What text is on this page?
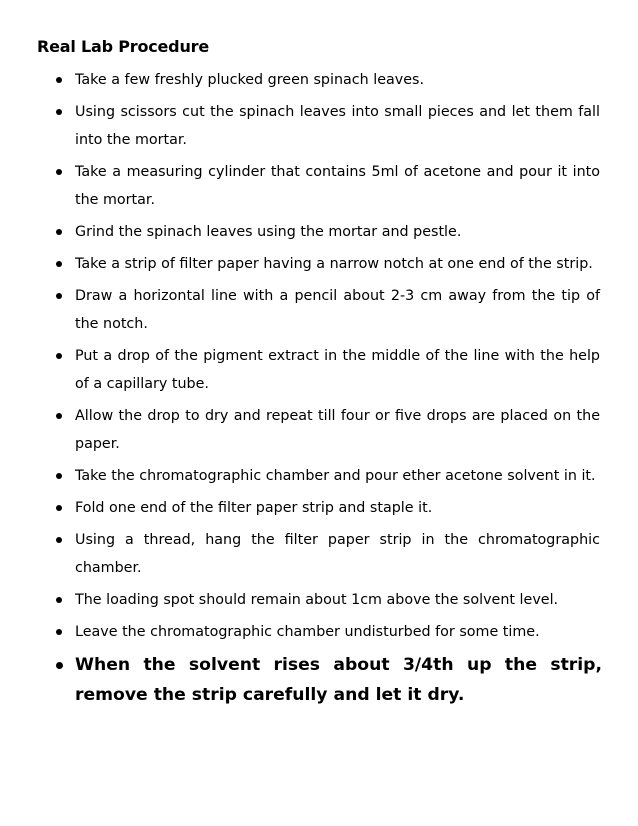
Real Lab Procedure
Take a few freshly plucked green spinach leaves.
Using scissors cut the spinach leaves into small pieces and let them fall into the mortar.
Take a measuring cylinder that contains 5ml of acetone and pour it into the mortar.
Grind the spinach leaves using the mortar and pestle.
Take a strip of filter paper having a narrow notch at one end of the strip.
Draw a horizontal line with a pencil about 2-3 cm away from the tip of the notch.
Put a drop of the pigment extract in the middle of the line with the help of a capillary tube.
Allow the drop to dry and repeat till four or five drops are placed on the paper.
Take the chromatographic chamber and pour ether acetone solvent in it.
Fold one end of the filter paper strip and staple it.
Using a thread, hang the filter paper strip in the chromatographic chamber.
The loading spot should remain about 1cm above the solvent level.
Leave the chromatographic chamber undisturbed for some time.
When the solvent rises about 3/4th up the strip, remove the strip carefully and let it dry.
